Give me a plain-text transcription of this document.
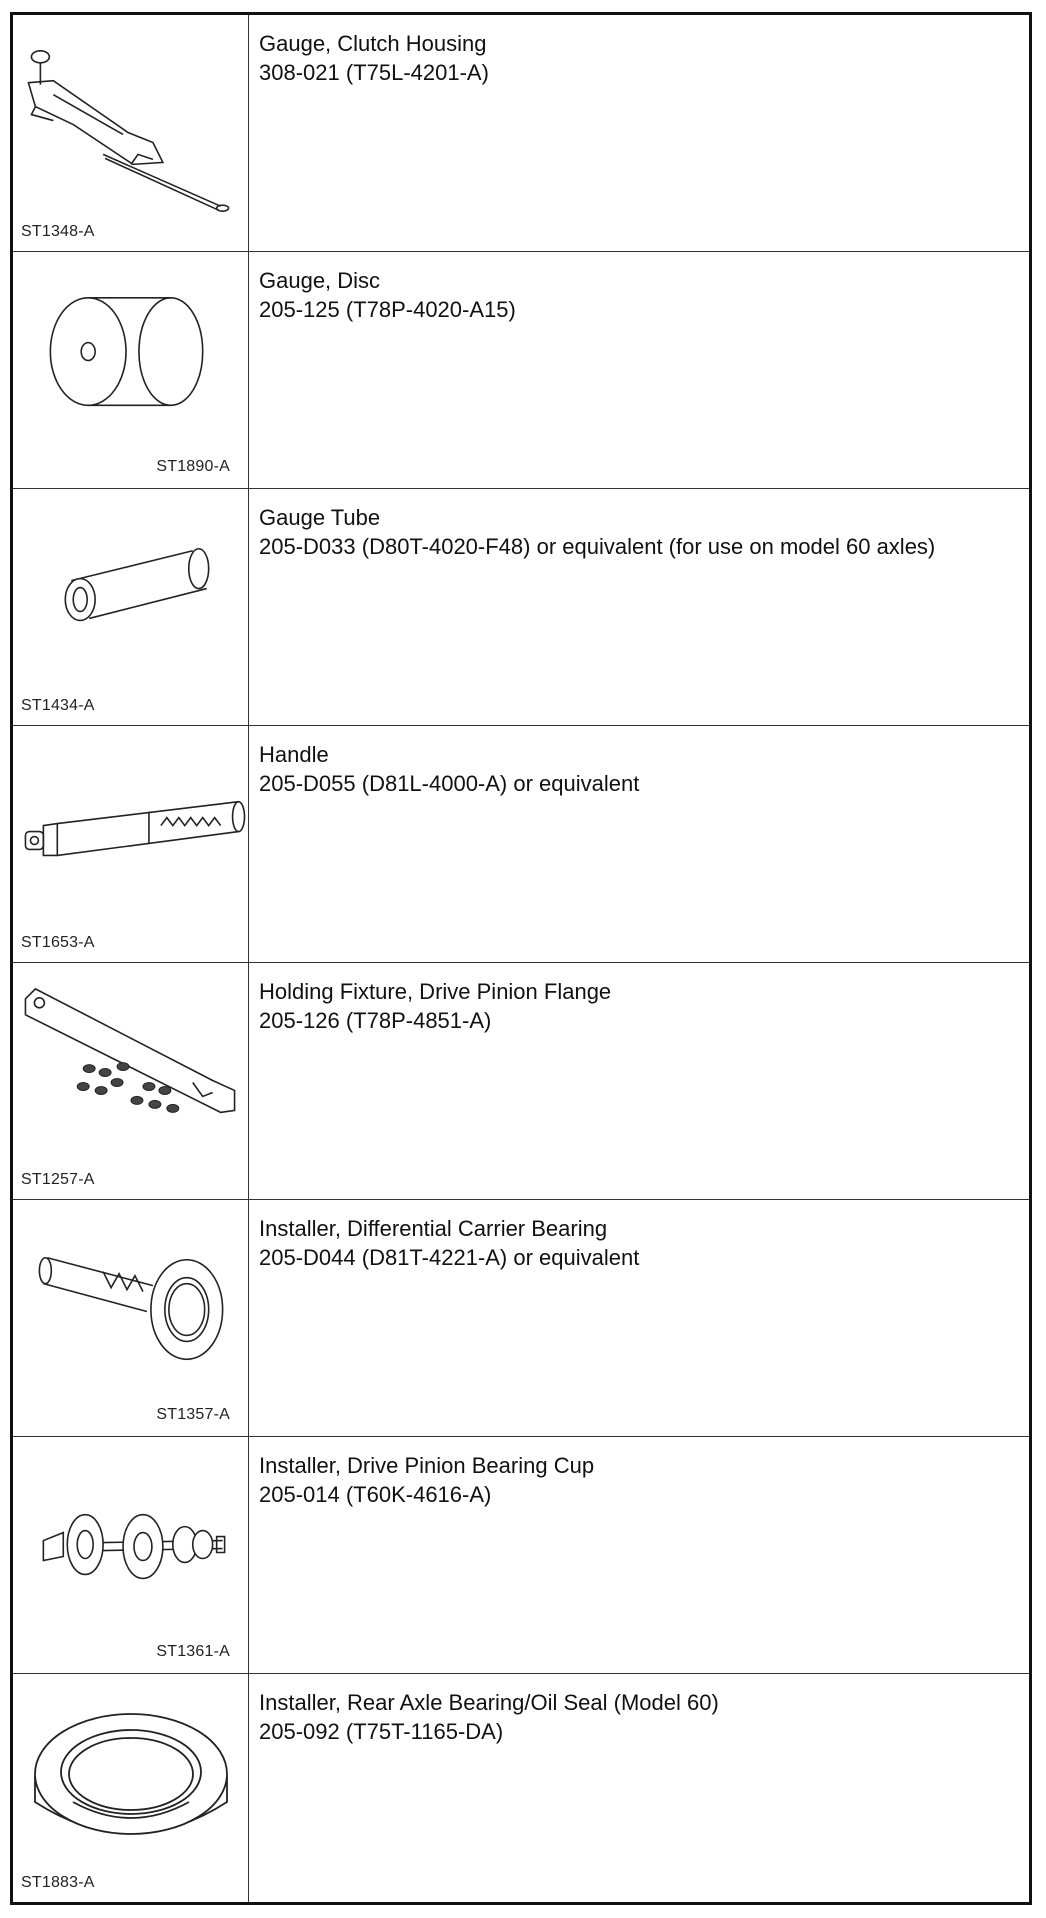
ST1348-A
Gauge, Clutch Housing
308-021 (T75L-4201-A)
ST1890-A
Gauge, Disc
205-125 (T78P-4020-A15)
ST1434-A
Gauge Tube
205-D033 (D80T-4020-F48) or equivalent (for use on model 60 axles)
ST1653-A
Handle
205-D055 (D81L-4000-A) or equivalent
ST1257-A
Holding Fixture, Drive Pinion Flange
205-126 (T78P-4851-A)
ST1357-A
Installer, Differential Carrier Bearing
205-D044 (D81T-4221-A) or equivalent
ST1361-A
Installer, Drive Pinion Bearing Cup
205-014 (T60K-4616-A)
ST1883-A
Installer, Rear Axle Bearing/Oil Seal (Model 60)
205-092 (T75T-1165-DA)
